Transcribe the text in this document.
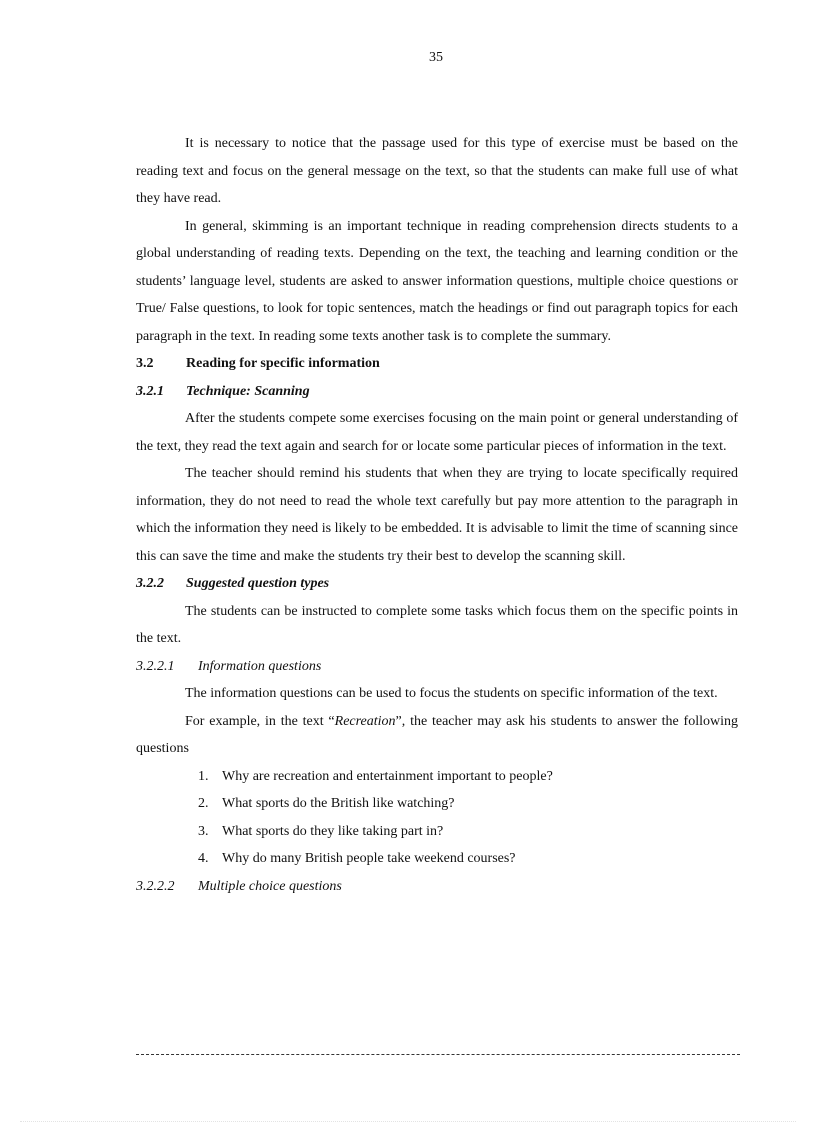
35

It is necessary to notice that the passage used for this type of exercise must be based on the reading text and focus on the general message on the text, so that the students can make full use of what they have read.

In general, skimming is an important technique in reading comprehension directs students to a global understanding of reading texts. Depending on the text, the teaching and learning condition or the students’ language level, students are asked to answer information questions, multiple choice questions or True/ False questions, to look for topic sentences, match the headings or find out paragraph topics for each paragraph in the text. In reading some texts another task is to complete the summary.

3.2 Reading for specific information

3.2.1 Technique: Scanning

After the students compete some exercises focusing on the main point or general understanding of the text, they read the text again and search for or locate some particular pieces of information in the text.

The teacher should remind his students that when they are trying to locate specifically required information, they do not need to read the whole text carefully but pay more attention to the paragraph in which the information they need is likely to be embedded. It is advisable to limit the time of scanning since this can save the time and make the students try their best to develop the scanning skill.

3.2.2 Suggested question types

The students can be instructed to complete some tasks which focus them on the specific points in the text.

3.2.2.1 Information questions

The information questions can be used to focus the students on specific information of the text.

For example, in the text “Recreation”, the teacher may ask his students to answer the following questions

1. Why are recreation and entertainment important to people?
2. What sports do the British like watching?
3. What sports do they like taking part in?
4. Why do many British people take weekend courses?

3.2.2.2 Multiple choice questions
